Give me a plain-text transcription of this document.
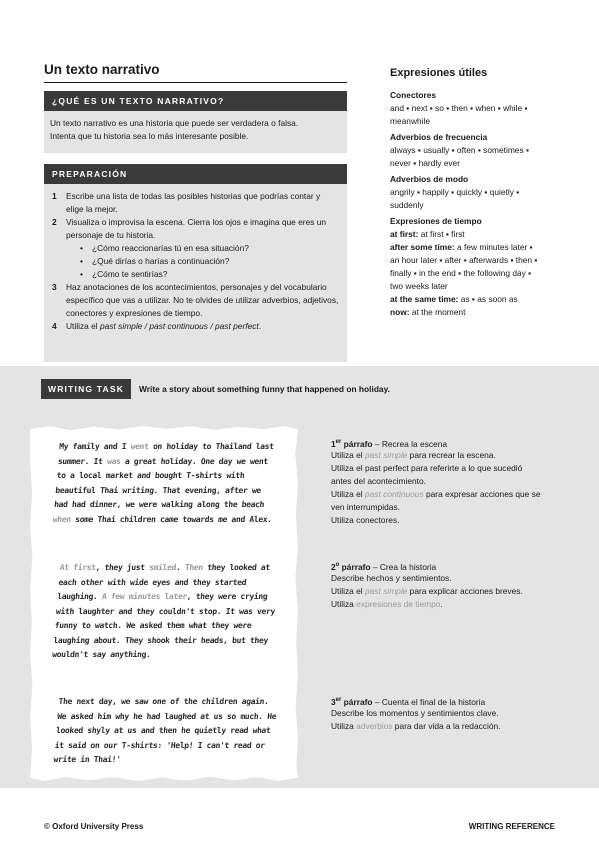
Un texto narrativo
¿QUÉ ES UN TEXTO NARRATIVO?
Un texto narrativo es una historia que puede ser verdadera o falsa.
Intenta que tu historia sea lo más interesante posible.
PREPARACIÓN
1 Escribe una lista de todas las posibles historias que podrías contar y elige la mejor.
2 Visualiza o improvisa la escena. Cierra los ojos e imagina que eres un personaje de tu historia.
• ¿Cómo reaccionarías tú en esa situación?
• ¿Qué dirías o harías a continuación?
• ¿Cómo te sentirías?
3 Haz anotaciones de los acontecimientos, personajes y del vocabulario específico que vas a utilizar. No te olvides de utilizar adverbios, adjetivos, conectores y expresiones de tiempo.
4 Utiliza el past simple / past continuous / past perfect.
Expresiones útiles
Conectores

and ▪ next ▪ so ▪ then ▪ when ▪ while ▪

meanwhile

Adverbios de frecuencia

always ▪ usually ▪ often ▪ sometimes ▪

never ▪ hardly ever

Adverbios de modo

angrily ▪ happily ▪ quickly ▪ quietly ▪

suddenly

Expresiones de tiempo

at first: at first ▪ first

after some time: a few minutes later ▪

an hour later ▪ after ▪ afterwards ▪ then ▪

finally ▪ in the end ▪ the following day ▪

two weeks later

at the same time: as ▪ as soon as

now: at the moment

WRITING TASK	Write a story about something funny that happened on holiday.
My family and I went on holiday to Thailand last summer. It was a great holiday. One day we went to a local market and bought T-shirts with beautiful Thai writing. That evening, after we had had dinner, we were walking along the beach when some Thai children came towards me and Alex.
At first, they just smiled. Then they looked at each other with wide eyes and they started laughing. A few minutes later, they were crying with laughter and they couldn't stop. It was very funny to watch. We asked them what they were laughing about. They shook their heads, but they wouldn't say anything.
The next day, we saw one of the children again. We asked him why he had laughed at us so much. He looked shyly at us and then he quietly read what it said on our T-shirts: 'Help! I can't read or write in Thai!'
1er párrafo – Recrea la escena

Utiliza el past simple para recrear la escena.

Utiliza el past perfect para referirte a lo que sucedió

antes del acontecimiento.

Utiliza el past continuous para expresar acciones que se

ven interrumpidas.

Utiliza conectores.

2$^o$ párrafo – Crea la historia

Describe hechos y sentimientos.

Utiliza el past simple para explicar acciones breves.

Utiliza expresiones de tiempo.

3er párrafo – Cuenta el final de la historia

Describe los momentos y sentimientos clave.

Utiliza adverbios para dar vida a la redacción.

© Oxford University Press	WRITING REFERENCE
